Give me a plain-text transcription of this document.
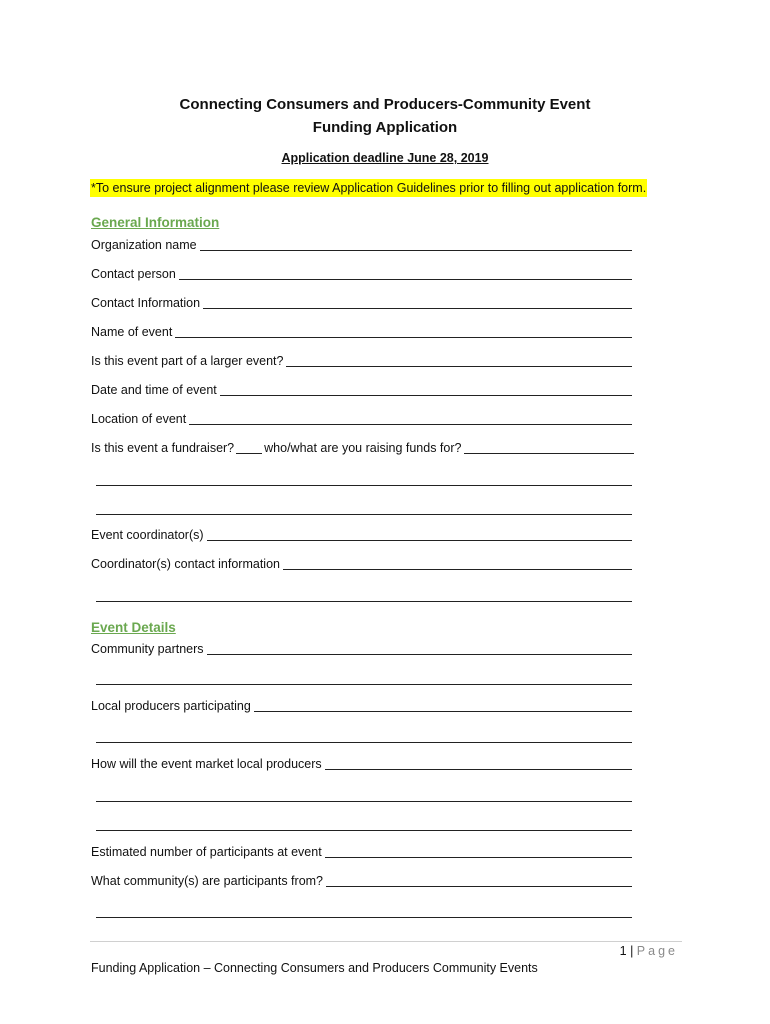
Connecting Consumers and Producers-Community Event
Funding Application
Application deadline June 28, 2019
*To ensure project alignment please review Application Guidelines prior to filling out application form.
General Information
Organization name
Contact person
Contact Information
Name of event
Is this event part of a larger event?
Date and time of event
Location of event
Is this event a fundraiser? who/what are you raising funds for?
Event coordinator(s)
Coordinator(s) contact information
Event Details
Community partners
Local producers participating
How will the event market local producers
Estimated number of participants at event
What community(s) are participants from?
1 | Page
Funding Application – Connecting Consumers and Producers Community Events
